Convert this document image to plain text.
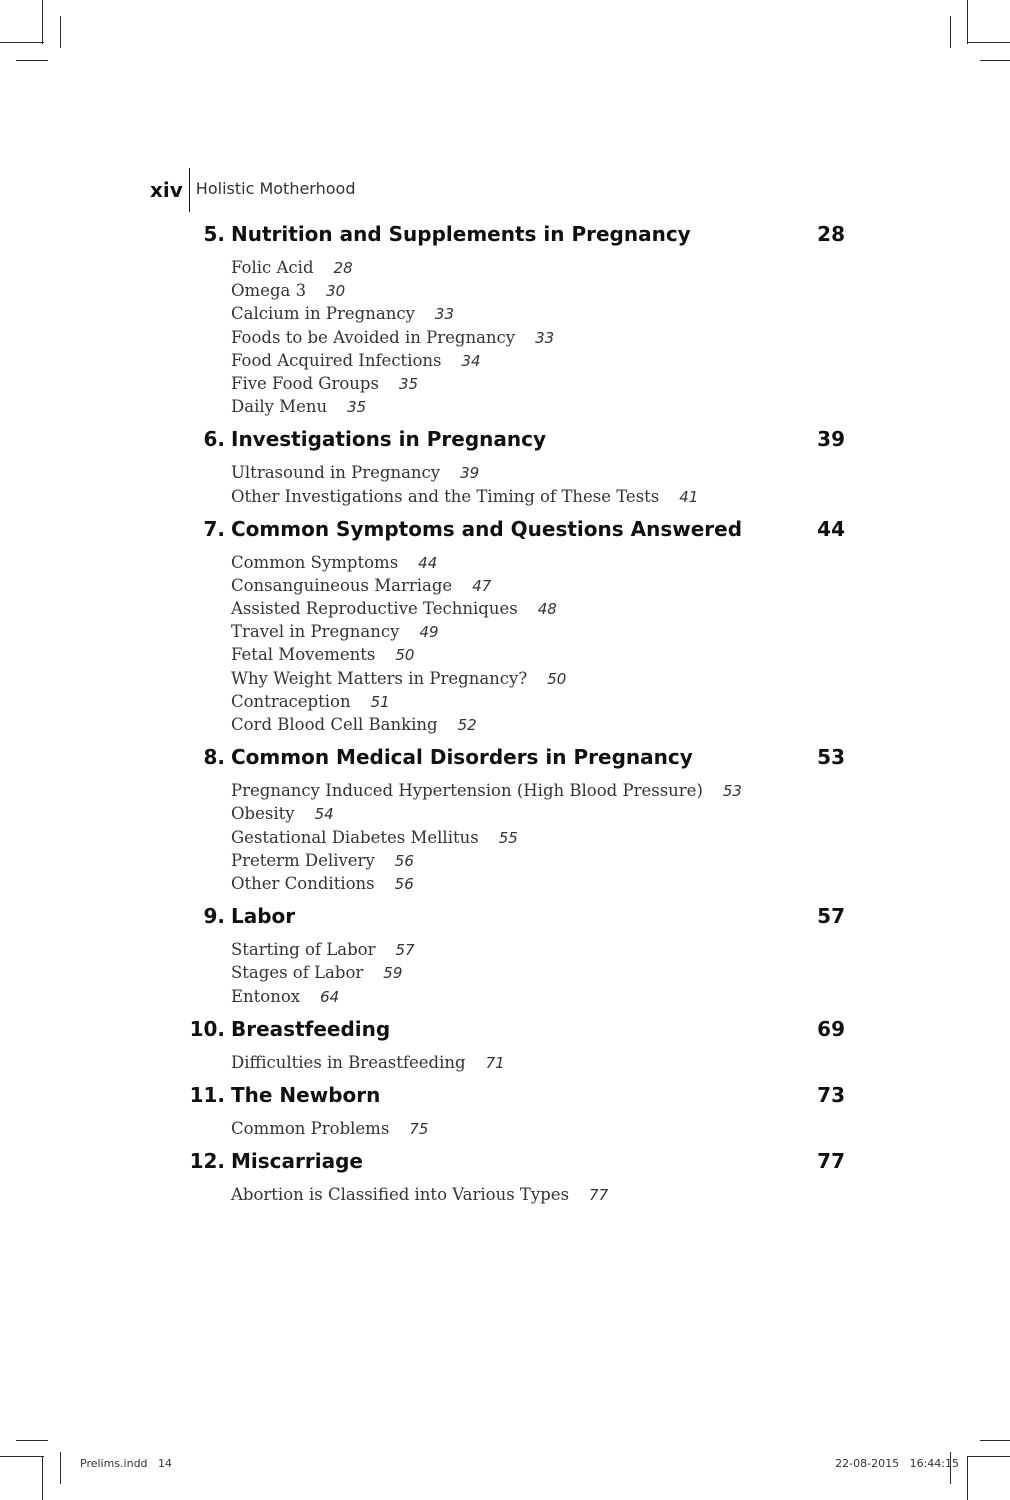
xiv Holistic Motherhood
5. Nutrition and Supplements in Pregnancy	28
Folic Acid 28
Omega 3 30
Calcium in Pregnancy 33
Foods to be Avoided in Pregnancy 33
Food Acquired Infections 34
Five Food Groups 35
Daily Menu 35
6. Investigations in Pregnancy	39
Ultrasound in Pregnancy 39
Other Investigations and the Timing of These Tests 41
7. Common Symptoms and Questions Answered	44
Common Symptoms 44
Consanguineous Marriage 47
Assisted Reproductive Techniques 48
Travel in Pregnancy 49
Fetal Movements 50
Why Weight Matters in Pregnancy? 50
Contraception 51
Cord Blood Cell Banking 52
8. Common Medical Disorders in Pregnancy	53
Pregnancy Induced Hypertension (High Blood Pressure) 53
Obesity 54
Gestational Diabetes Mellitus 55
Preterm Delivery 56
Other Conditions 56
9. Labor	57
Starting of Labor 57
Stages of Labor 59
Entonox 64
10. Breastfeeding	69
Difficulties in Breastfeeding 71
11. The Newborn	73
Common Problems 75
12. Miscarriage	77
Abortion is Classified into Various Types 77
Prelims.indd   14	22-08-2015   16:44:15
